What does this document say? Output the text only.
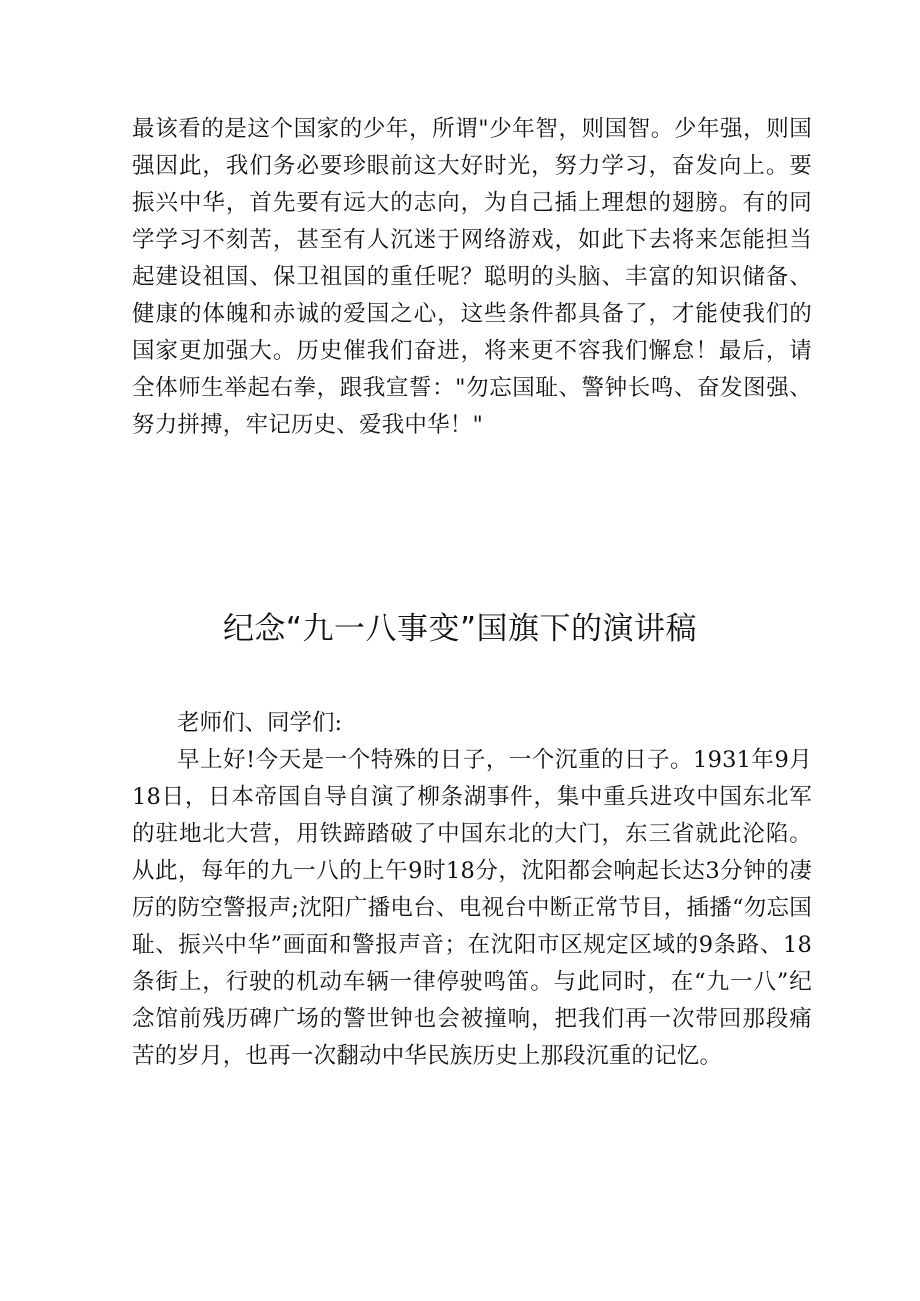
最该看的是这个国家的少年，所谓"少年智，则国智。少年强，则国强因此，我们务必要珍眼前这大好时光，努力学习，奋发向上。要振兴中华，首先要有远大的志向，为自己插上理想的翅膀。有的同学学习不刻苦，甚至有人沉迷于网络游戏，如此下去将来怎能担当起建设祖国、保卫祖国的重任呢？聪明的头脑、丰富的知识储备、健康的体魄和赤诚的爱国之心，这些条件都具备了，才能使我们的国家更加强大。历史催我们奋进，将来更不容我们懈怠！最后，请全体师生举起右拳，跟我宣誓："勿忘国耻、警钟长鸣、奋发图强、努力拼搏，牢记历史、爱我中华！"

纪念“九一八事变”国旗下的演讲稿

老师们、同学们:

早上好!今天是一个特殊的日子，一个沉重的日子。1931年9月18日，日本帝国自导自演了柳条湖事件，集中重兵进攻中国东北军的驻地北大营，用铁蹄踏破了中国东北的大门，东三省就此沦陷。从此，每年的九一八的上午9时18分，沈阳都会响起长达3分钟的凄厉的防空警报声;沈阳广播电台、电视台中断正常节目，插播“勿忘国耻、振兴中华”画面和警报声音；在沈阳市区规定区域的9条路、18条街上，行驶的机动车辆一律停驶鸣笛。与此同时，在“九一八”纪念馆前残历碑广场的警世钟也会被撞响，把我们再一次带回那段痛苦的岁月，也再一次翻动中华民族历史上那段沉重的记忆。
